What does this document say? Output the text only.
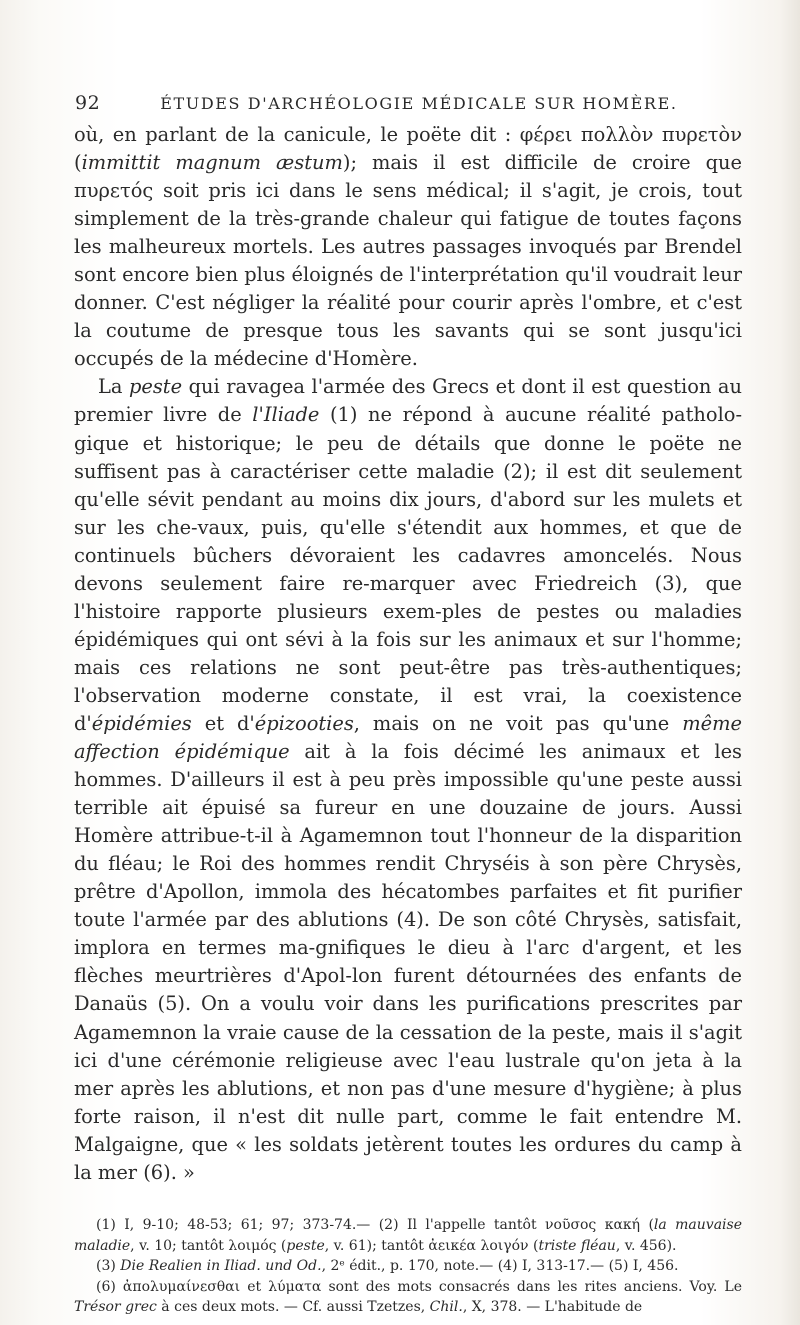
92	ÉTUDES D'ARCHÉOLOGIE MÉDICALE SUR HOMÈRE.

où, en parlant de la canicule, le poëte dit : φέρει πολλὸν πυρετὸν (immittit magnum æstum); mais il est difficile de croire que πυρετός soit pris ici dans le sens médical; il s'agit, je crois, tout simplement de la très-grande chaleur qui fatigue de toutes façons les malheureux mortels. Les autres passages invoqués par Brendel sont encore bien plus éloignés de l'interprétation qu'il voudrait leur donner. C'est négliger la réalité pour courir après l'ombre, et c'est la coutume de presque tous les savants qui se sont jusqu'ici occupés de la médecine d'Homère.

La peste qui ravagea l'armée des Grecs et dont il est question au premier livre de l'Iliade (1) ne répond à aucune réalité patholo-gique et historique; le peu de détails que donne le poëte ne suffisent pas à caractériser cette maladie (2); il est dit seulement qu'elle sévit pendant au moins dix jours, d'abord sur les mulets et sur les che-vaux, puis, qu'elle s'étendit aux hommes, et que de continuels bûchers dévoraient les cadavres amoncelés. Nous devons seulement faire re-marquer avec Friedreich (3), que l'histoire rapporte plusieurs exem-ples de pestes ou maladies épidémiques qui ont sévi à la fois sur les animaux et sur l'homme; mais ces relations ne sont peut-être pas très-authentiques; l'observation moderne constate, il est vrai, la coexistence d'épidémies et d'épizooties, mais on ne voit pas qu'une même affection épidémique ait à la fois décimé les animaux et les hommes. D'ailleurs il est à peu près impossible qu'une peste aussi terrible ait épuisé sa fureur en une douzaine de jours. Aussi Homère attribue-t-il à Agamemnon tout l'honneur de la disparition du fléau; le Roi des hommes rendit Chryséis à son père Chrysès, prêtre d'Apollon, immola des hécatombes parfaites et fit purifier toute l'armée par des ablutions (4). De son côté Chrysès, satisfait, implora en termes ma-gnifiques le dieu à l'arc d'argent, et les flèches meurtrières d'Apol-lon furent détournées des enfants de Danaüs (5). On a voulu voir dans les purifications prescrites par Agamemnon la vraie cause de la cessation de la peste, mais il s'agit ici d'une cérémonie religieuse avec l'eau lustrale qu'on jeta à la mer après les ablutions, et non pas d'une mesure d'hygiène; à plus forte raison, il n'est dit nulle part, comme le fait entendre M. Malgaigne, que « les soldats jetèrent toutes les ordures du camp à la mer (6). »

(1) I, 9-10; 48-53; 61; 97; 373-74.— (2) Il l'appelle tantôt νοῦσος κακή (la mauvaise maladie, v. 10; tantôt λοιμός (peste, v. 61); tantôt ἀεικέα λοιγόν (triste fléau, v. 456).

(3) Die Realien in Iliad. und Od., 2ᵉ édit., p. 170, note.— (4) I, 313-17.— (5) I, 456.

(6) ἀπολυμαίνεσθαι et λύματα sont des mots consacrés dans les rites anciens. Voy. Le Trésor grec à ces deux mots. — Cf. aussi Tzetzes, Chil., X, 378. — L'habitude de
